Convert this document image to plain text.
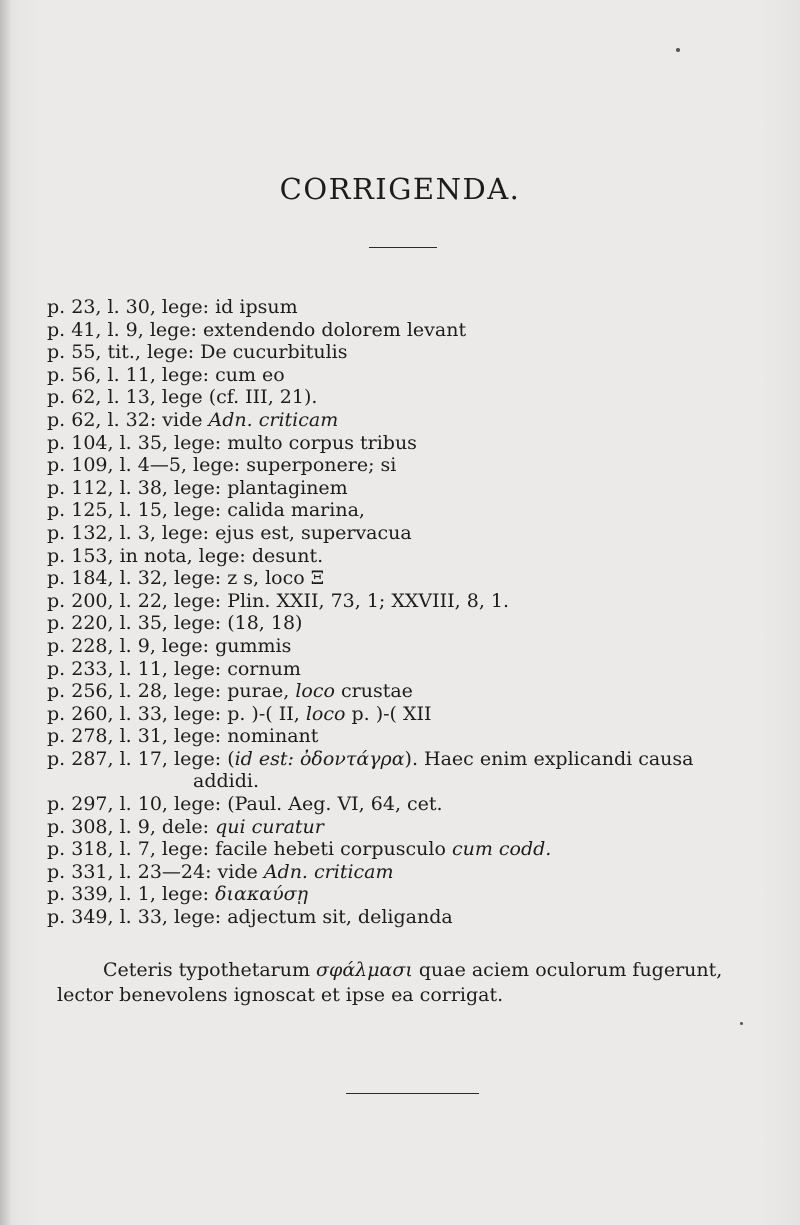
CORRIGENDA.
p. 23, l. 30, lege: id ipsum
p. 41, l. 9, lege: extendendo dolorem levant
p. 55, tit., lege: De cucurbitulis
p. 56, l. 11, lege: cum eo
p. 62, l. 13, lege (cf. III, 21).
p. 62, l. 32: vide Adn. criticam
p. 104, l. 35, lege: multo corpus tribus
p. 109, l. 4—5, lege: superponere; si
p. 112, l. 38, lege: plantaginem
p. 125, l. 15, lege: calida marina,
p. 132, l. 3, lege: ejus est, supervacua
p. 153, in nota, lege: desunt.
p. 184, l. 32, lege: z s, loco Ξ
p. 200, l. 22, lege: Plin. XXII, 73, 1; XXVIII, 8, 1.
p. 220, l. 35, lege: (18, 18)
p. 228, l. 9, lege: gummis
p. 233, l. 11, lege: cornum
p. 256, l. 28, lege: purae, loco crustae
p. 260, l. 33, lege: p. )-( II, loco p. )-( XII
p. 278, l. 31, lege: nominant
p. 287, l. 17, lege: (id est: ὀδοντάγρα). Haec enim explicandi causa
addidi.
p. 297, l. 10, lege: (Paul. Aeg. VI, 64, cet.
p. 308, l. 9, dele: qui curatur
p. 318, l. 7, lege: facile hebeti corpusculo cum codd.
p. 331, l. 23—24: vide Adn. criticam
p. 339, l. 1, lege: διακαύσῃ
p. 349, l. 33, lege: adjectum sit, deliganda
Ceteris typothetarum σφάλμασι quae aciem oculorum fugerunt,
lector benevolens ignoscat et ipse ea corrigat.
